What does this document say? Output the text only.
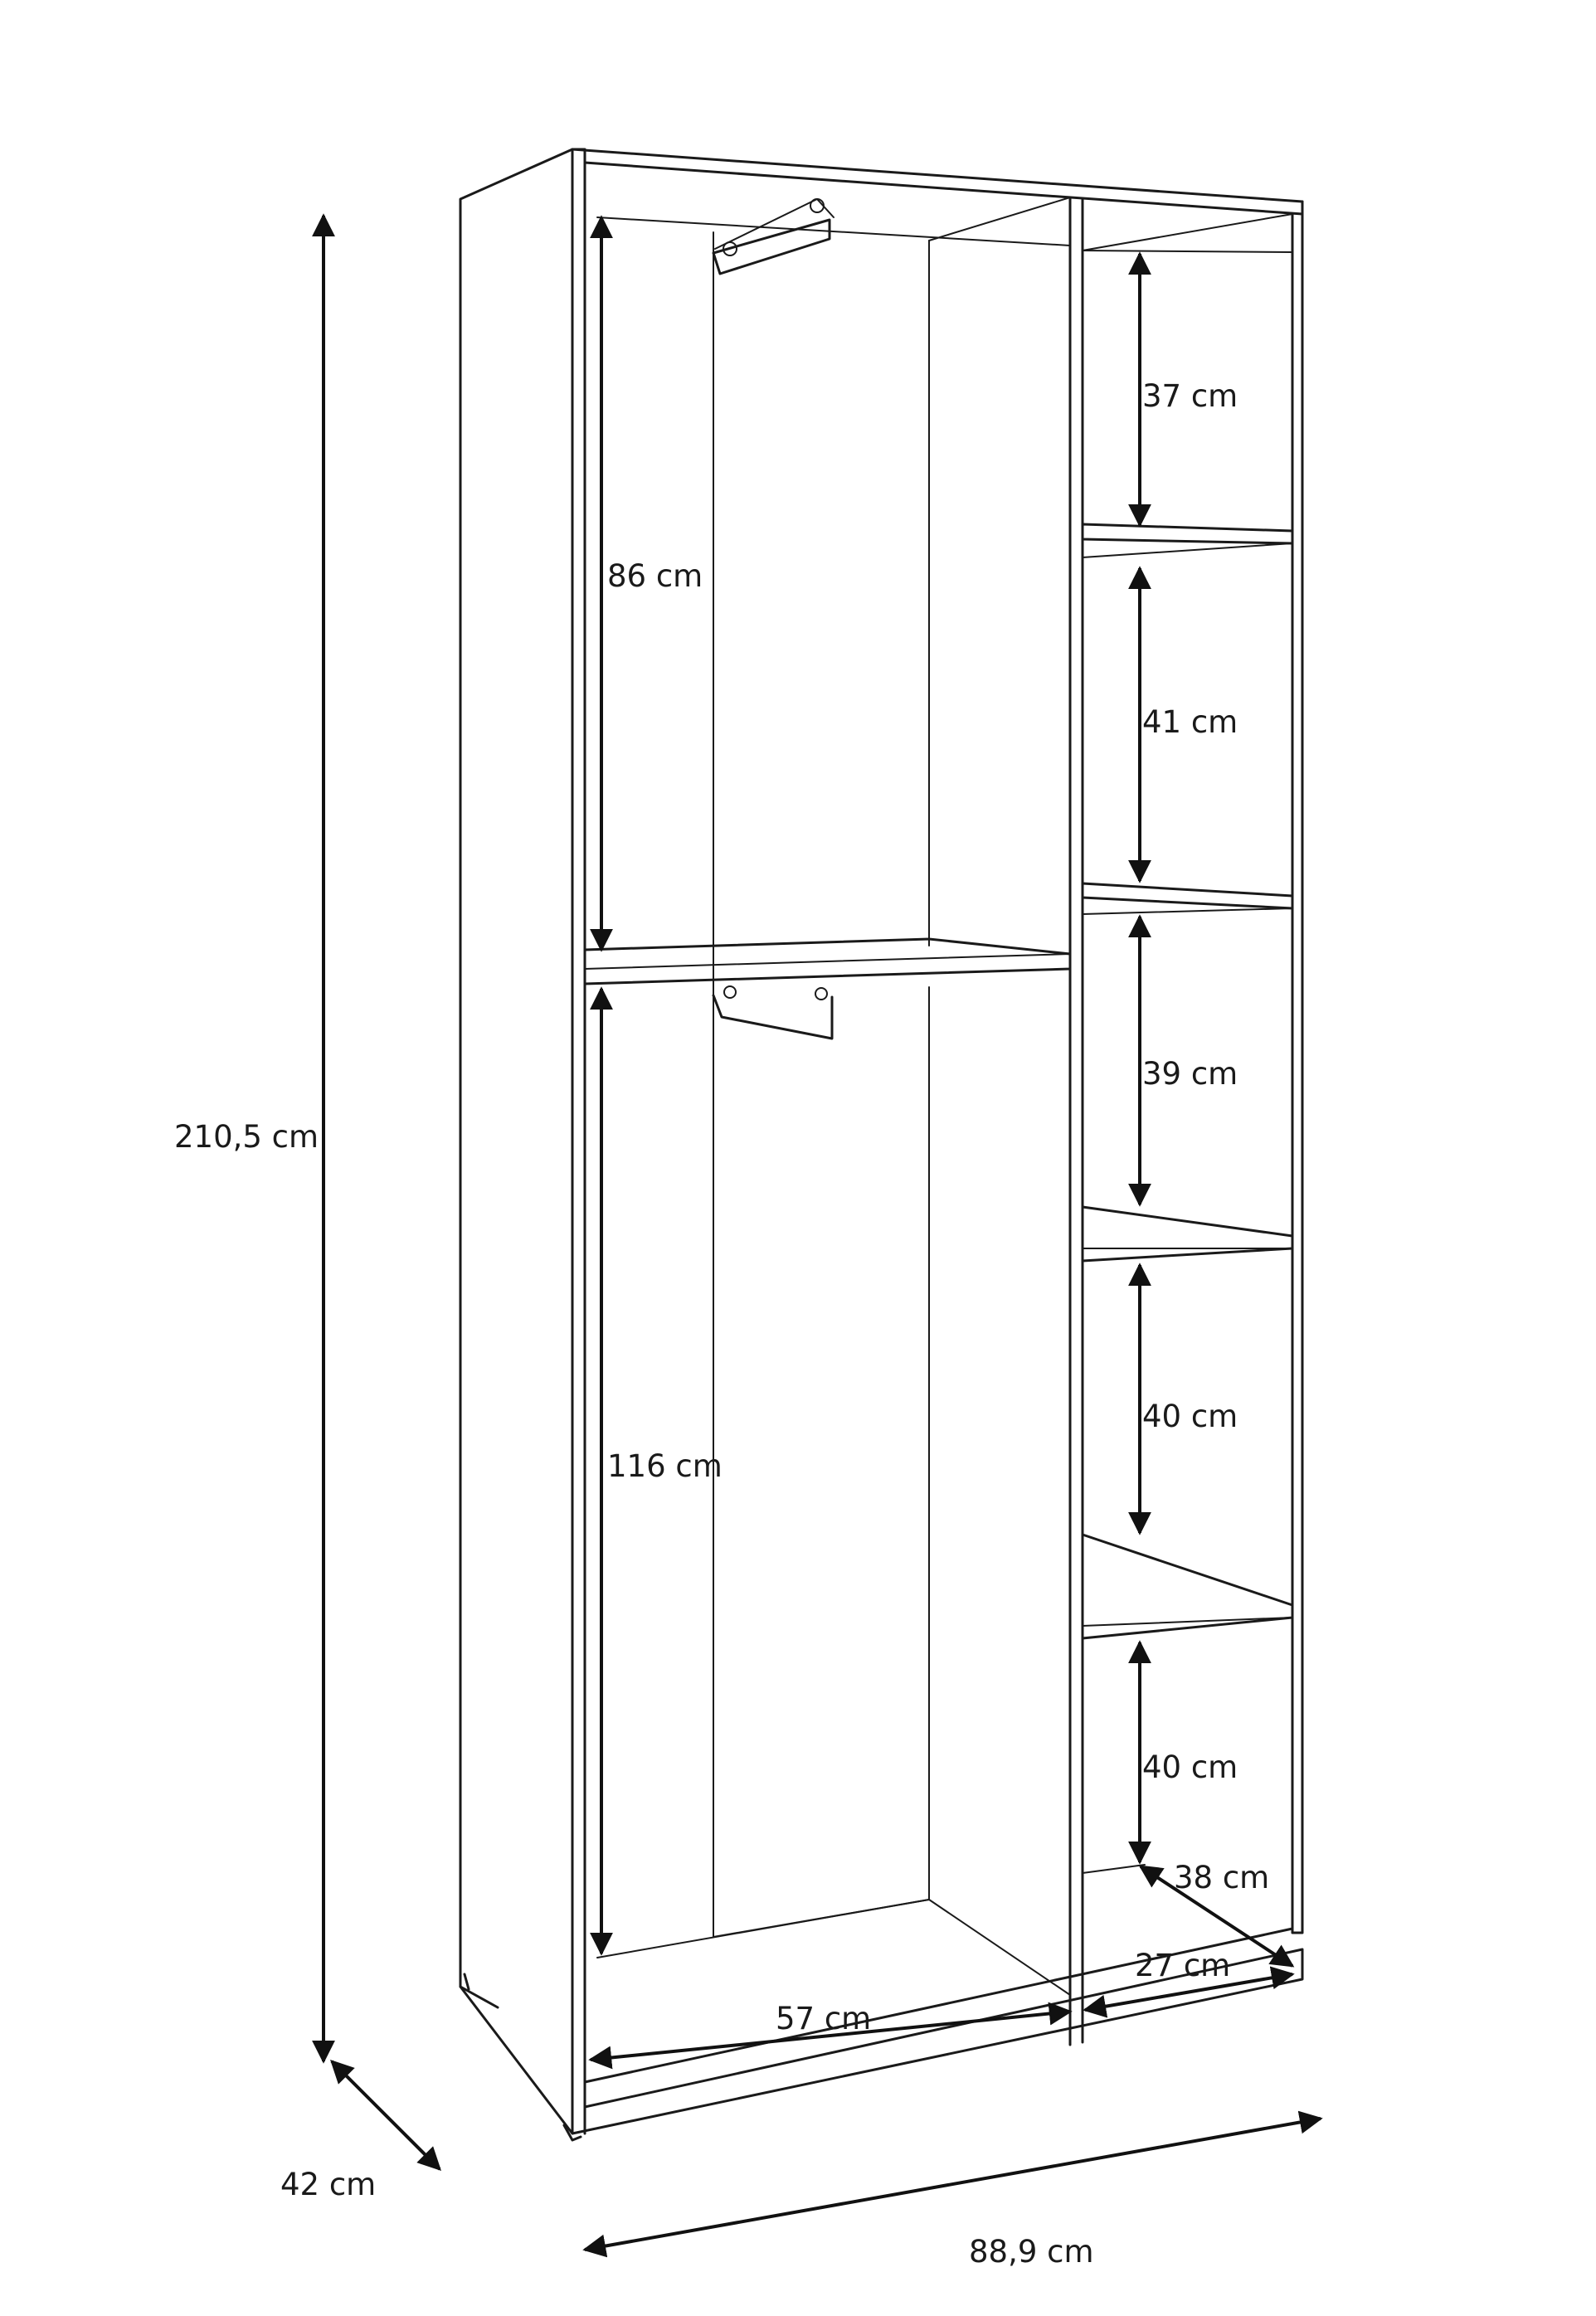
210,5 cm
42 cm
88,9 cm
86 cm
116 cm
57 cm
37 cm
41 cm
39 cm
40 cm
40 cm
38 cm
27 cm
